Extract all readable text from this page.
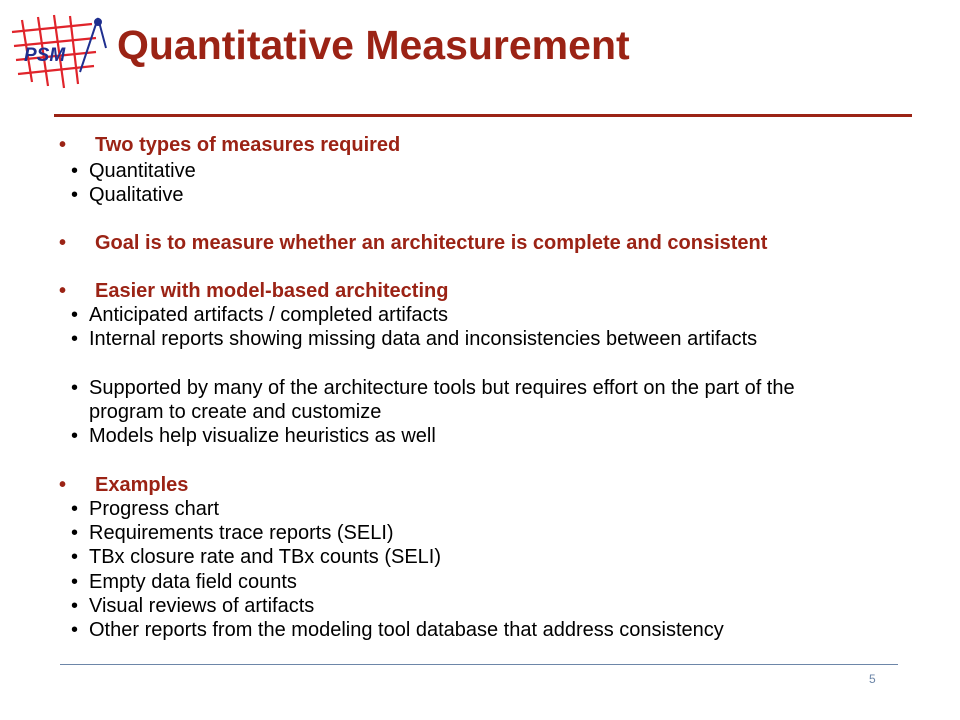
PSM Quantitative Measurement
• Two types of measures required
• Quantitative
• Qualitative
• Goal is to measure whether an architecture is complete and consistent
• Easier with model-based architecting
• Anticipated artifacts / completed artifacts
• Internal reports showing missing data and inconsistencies between artifacts
• Supported by many of the architecture tools but requires effort on the part of the program to create and customize
• Models help visualize heuristics as well
• Examples
• Progress chart
• Requirements trace reports (SELI)
• TBx closure rate and TBx counts (SELI)
• Empty data field counts
• Visual reviews of artifacts
• Other reports from the modeling tool database that address consistency
5
